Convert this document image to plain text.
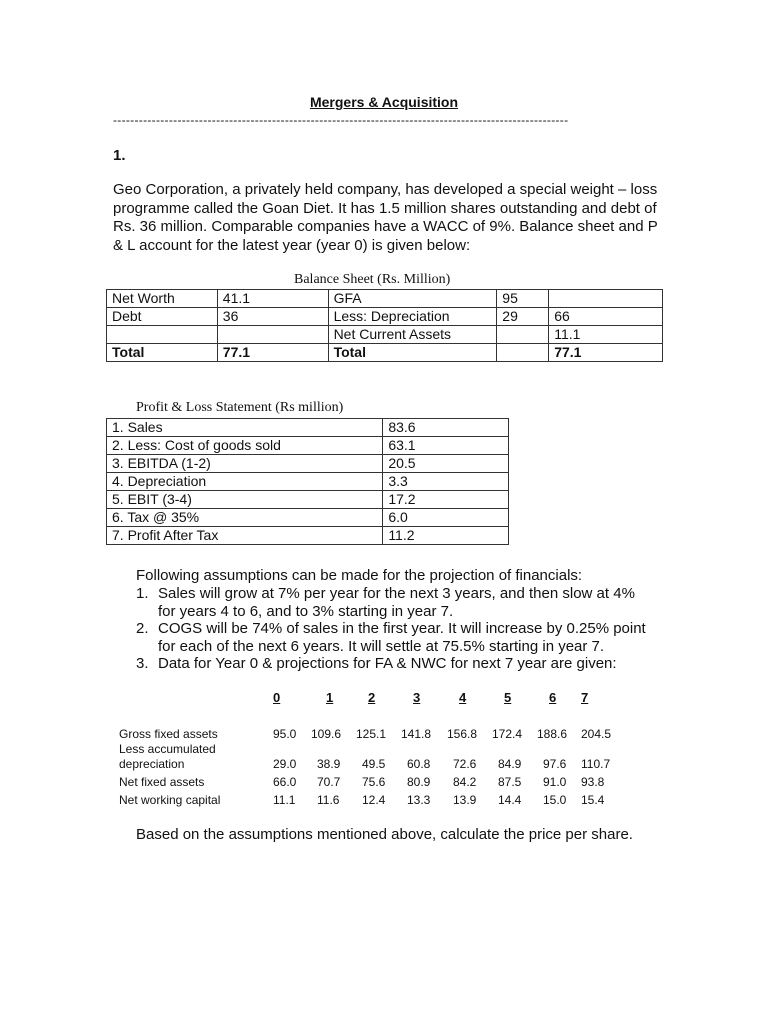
Mergers & Acquisition
----------------------------------------------------------------------------------------------------------
1.
Geo Corporation, a privately held company, has developed a special weight – loss programme called the Goan Diet. It has 1.5 million shares outstanding and debt of Rs. 36 million. Comparable companies have a WACC of 9%. Balance sheet and P & L account for the latest year (year 0) is given below:
Balance Sheet (Rs. Million)
Net Worth	41.1	GFA	95	
Debt	36	Less: Depreciation	29	66
		Net Current Assets		11.1
Total	77.1	Total		77.1
Profit & Loss Statement (Rs million)
1. Sales	83.6
2. Less: Cost of goods sold	63.1
3. EBITDA (1-2)	20.5
4. Depreciation	3.3
5. EBIT (3-4)	17.2
6. Tax @ 35%	6.0
7. Profit After Tax	11.2
Following assumptions can be made for the projection of financials:
1. Sales will grow at 7% per year for the next 3 years, and then slow at 4% for years 4 to 6, and to 3% starting in year 7.
2. COGS will be 74% of sales in the first year. It will increase by 0.25% point for each of the next 6 years. It will settle at 75.5% starting in year 7.
3. Data for Year 0 & projections for FA & NWC for next 7 year are given:
0	1	2	3	4	5	6 7
Gross fixed assets	95.0 109.6 125.1 141.8 156.8 172.4 188.6 204.5
Less accumulated
depreciation	29.0 38.9 49.5 60.8 72.6 84.9 97.6 110.7
Net fixed assets	66.0 70.7 75.6 80.9 84.2 87.5 91.0 93.8
Net working capital	11.1 11.6 12.4 13.3 13.9 14.4 15.0 15.4
Based on the assumptions mentioned above, calculate the price per share.
